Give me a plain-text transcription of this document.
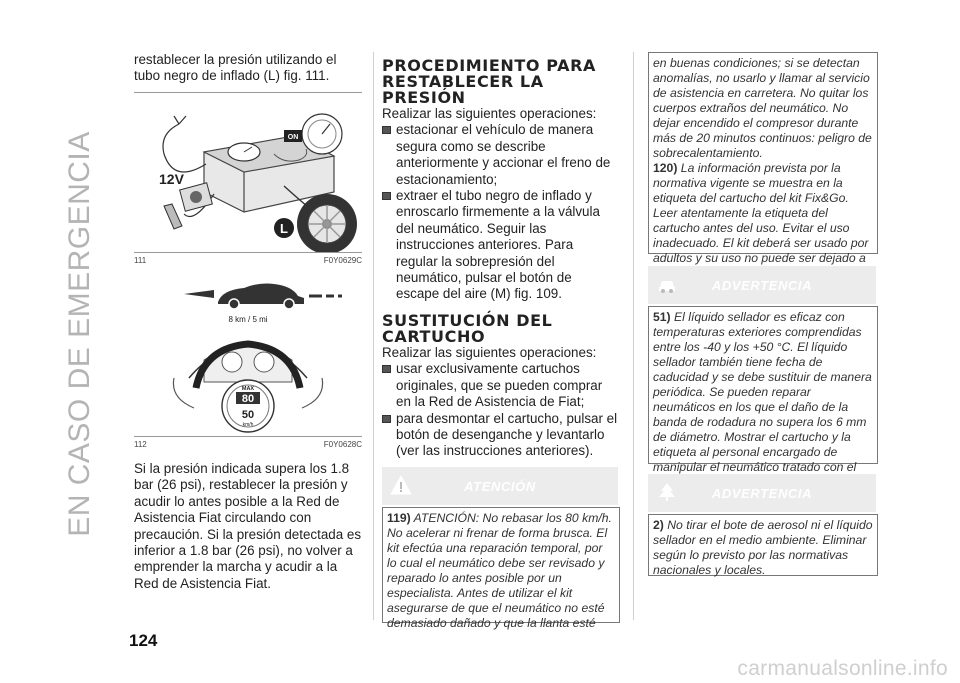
EN CASO DE EMERGENCIA

restablecer la presión utilizando el tubo negro de inflado (L) fig. 111.

ON
12V
L
111	F0Y0629C
8 km / 5 mi
MAX
80
50
km/h
112	F0Y0628C

Si la presión indicada supera los 1.8 bar (26 psi), restablecer la presión y acudir lo antes posible a la Red de Asistencia Fiat circulando con precaución. Si la presión detectada es inferior a 1.8 bar (26 psi), no volver a emprender la marcha y acudir a la Red de Asistencia Fiat.

PROCEDIMIENTO PARA RESTABLECER LA PRESIÓN

Realizar las siguientes operaciones:

estacionar el vehículo de manera segura como se describe anteriormente y accionar el freno de estacionamiento;
extraer el tubo negro de inflado y enroscarlo firmemente a la válvula del neumático. Seguir las instrucciones anteriores. Para regular la sobrepresión del neumático, pulsar el botón de escape del aire (M) fig. 109.
SUSTITUCIÓN DEL CARTUCHO

Realizar las siguientes operaciones:

usar exclusivamente cartuchos originales, que se pueden comprar en la Red de Asistencia de Fiat;
para desmontar el cartucho, pulsar el botón de desenganche y levantarlo (ver las instrucciones anteriores).
ATENCIÓN
119) ATENCIÓN: No rebasar los 80 km/h. No acelerar ni frenar de forma brusca. El kit efectúa una reparación temporal, por lo cual el neumático debe ser revisado y reparado lo antes posible por un especialista. Antes de utilizar el kit asegurarse de que el neumático no esté demasiado dañado y que la llanta esté
en buenas condiciones; si se detectan anomalías, no usarlo y llamar al servicio de asistencia en carretera. No quitar los cuerpos extraños del neumático. No dejar encendido el compresor durante más de 20 minutos continuos: peligro de sobrecalentamiento.
120) La información prevista por la normativa vigente se muestra en la etiqueta del cartucho del kit Fix&Go. Leer atentamente la etiqueta del cartucho antes del uso. Evitar el uso inadecuado. El kit deberá ser usado por adultos y su uso no puede ser dejado a
ADVERTENCIA
51) El líquido sellador es eficaz con temperaturas exteriores comprendidas entre los -40 y los +50 °C. El líquido sellador también tiene fecha de caducidad y se debe sustituir de manera periódica. Se pueden reparar neumáticos en los que el daño de la banda de rodadura no supera los 6 mm de diámetro. Mostrar el cartucho y la etiqueta al personal encargado de manipular el neumático tratado con el
ADVERTENCIA
2) No tirar el bote de aerosol ni el líquido sellador en el medio ambiente. Eliminar según lo previsto por las normativas nacionales y locales.
124
carmanualsonline.info
